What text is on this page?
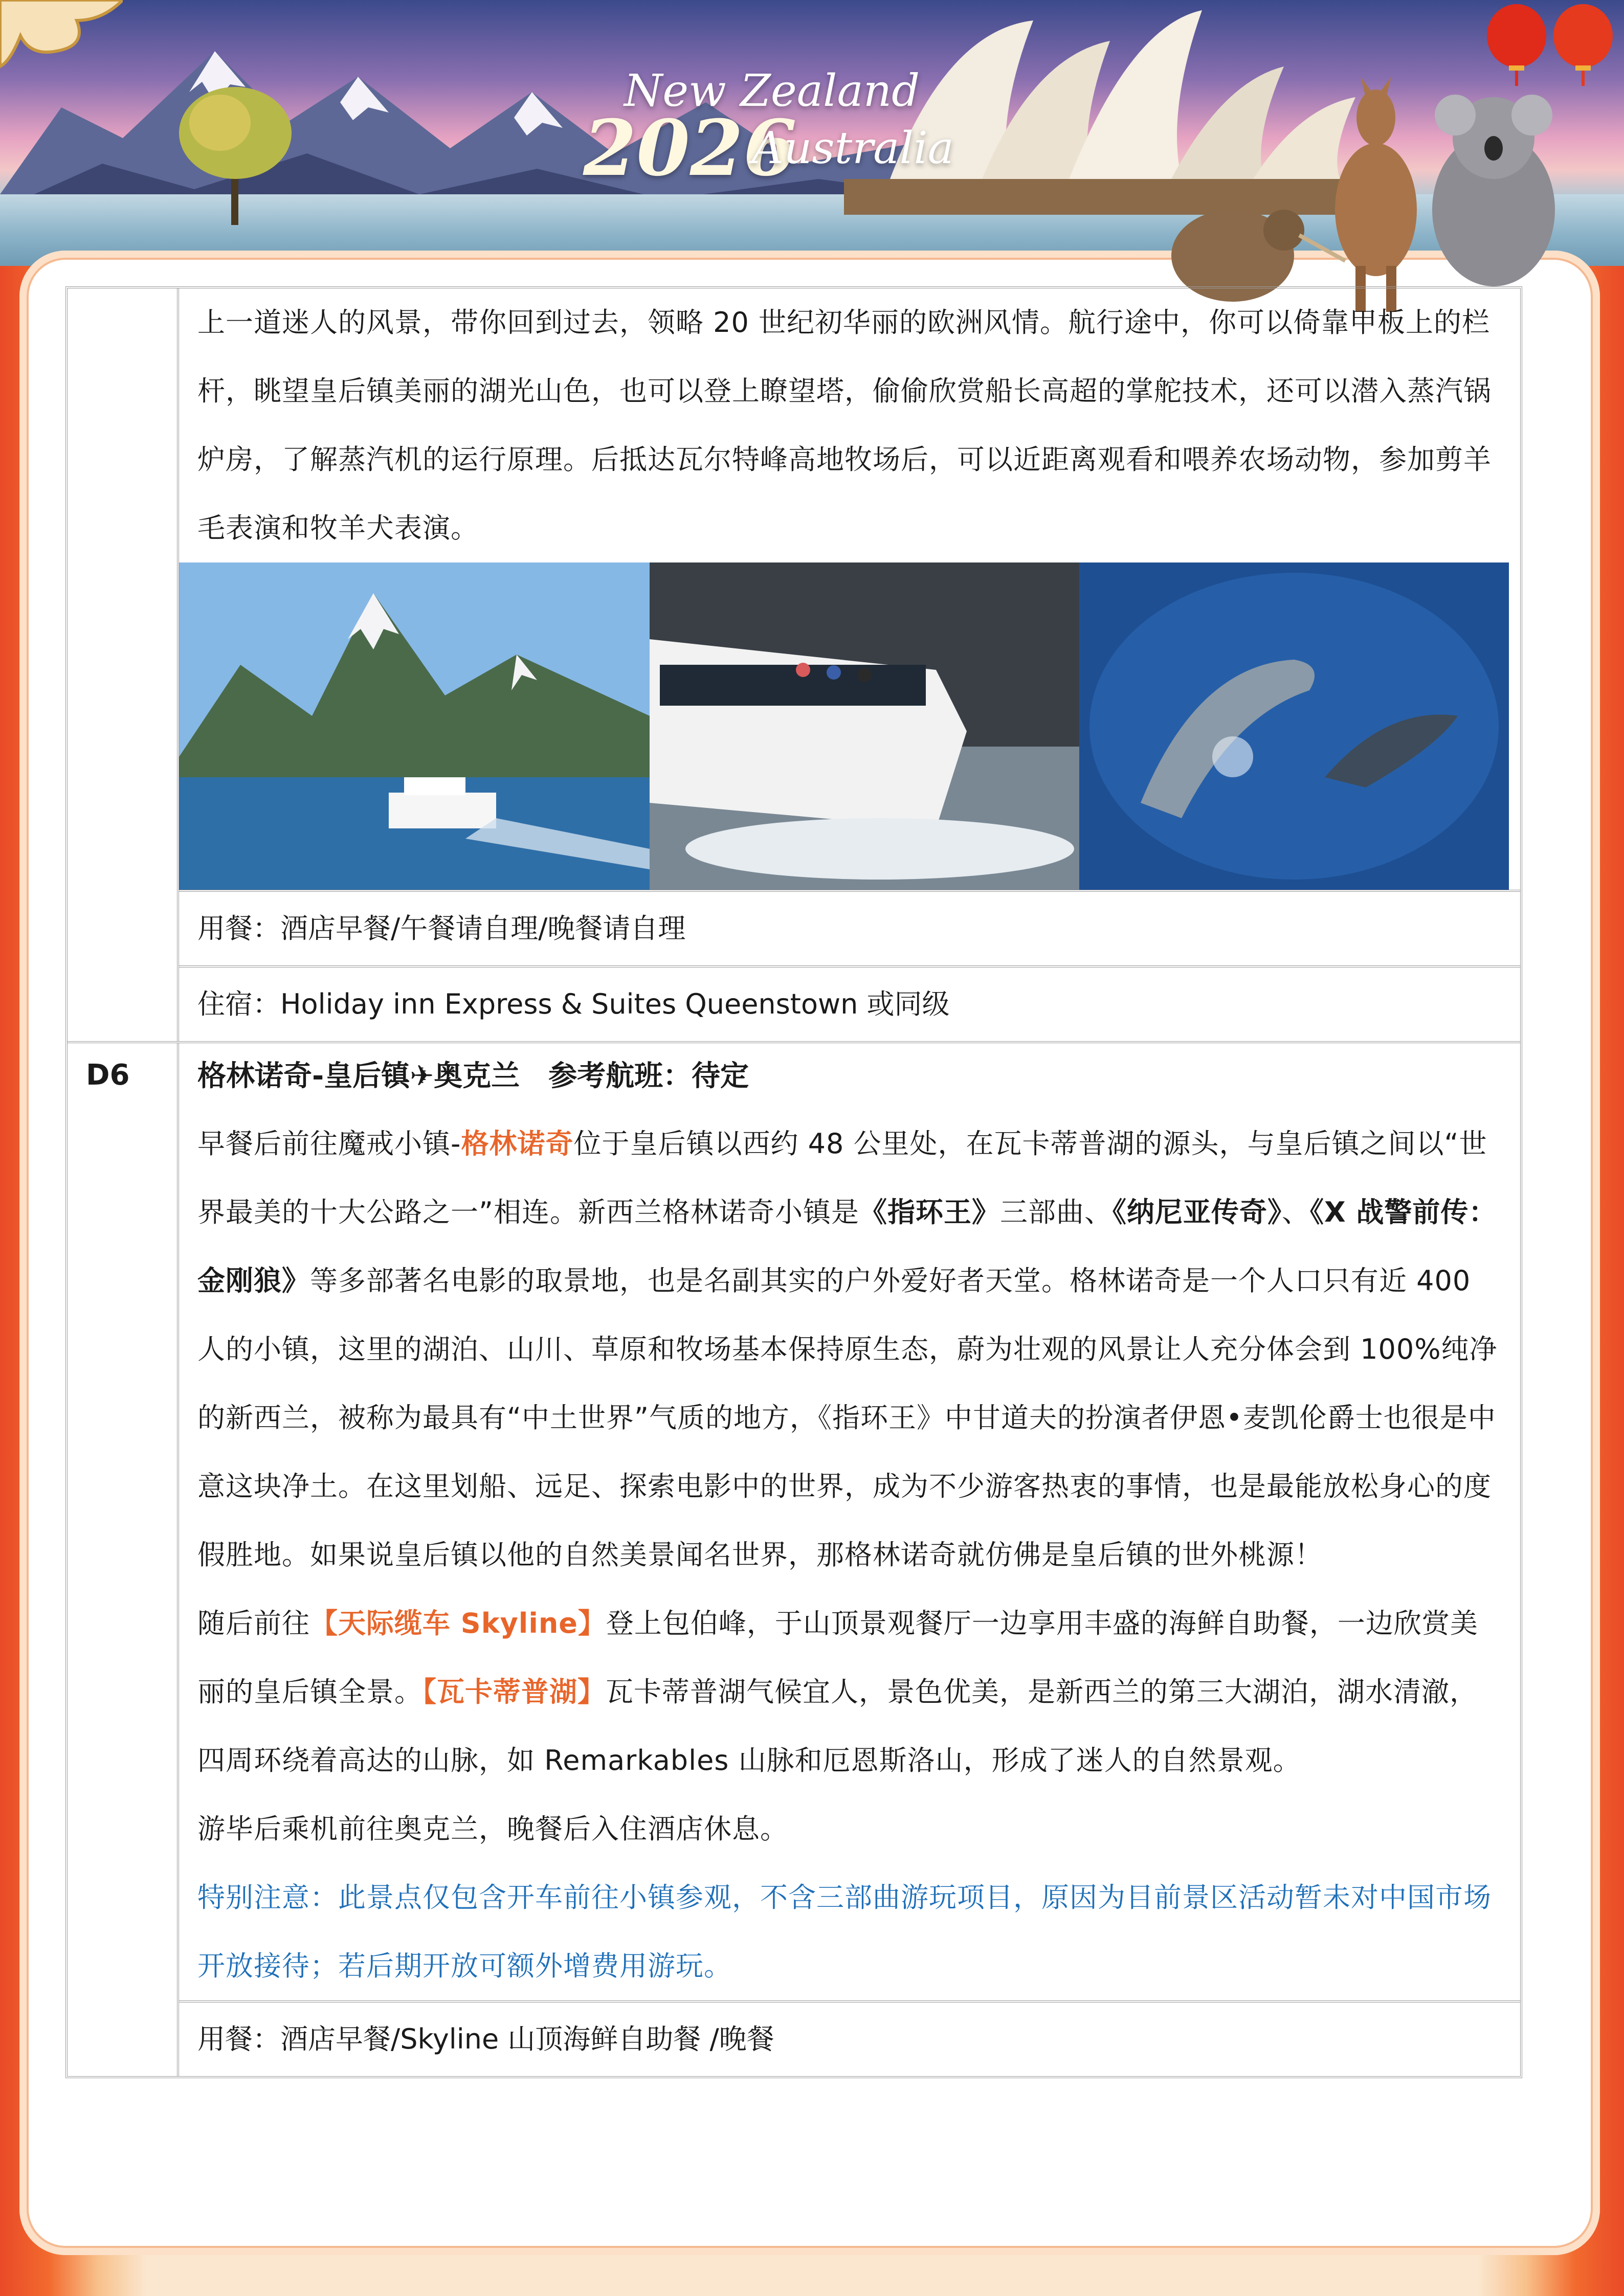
New Zealand
2026
Australia

上一道迷人的风景，带你回到过去，领略 20 世纪初华丽的欧洲风情。航行途中，你可以倚靠甲板上的栏杆，眺望皇后镇美丽的湖光山色，也可以登上瞭望塔，偷偷欣赏船长高超的掌舵技术，还可以潜入蒸汽锅炉房，了解蒸汽机的运行原理。后抵达瓦尔特峰高地牧场后，可以近距离观看和喂养农场动物，参加剪羊毛表演和牧羊犬表演。

用餐：酒店早餐/午餐请自理/晚餐请自理
住宿：Holiday inn Express & Suites Queenstown 或同级
D6	格林诺奇-皇后镇✈奥克兰　参考航班：待定

早餐后前往魔戒小镇-格林诺奇位于皇后镇以西约 48 公里处，在瓦卡蒂普湖的源头，与皇后镇之间以“世界最美的十大公路之一”相连。新西兰格林诺奇小镇是《指环王》三部曲、《纳尼亚传奇》、《X 战警前传：金刚狼》等多部著名电影的取景地，也是名副其实的户外爱好者天堂。格林诺奇是一个人口只有近 400 人的小镇，这里的湖泊、山川、草原和牧场基本保持原生态，蔚为壮观的风景让人充分体会到 100%纯净的新西兰，被称为最具有“中土世界”气质的地方，《指环王》中甘道夫的扮演者伊恩•麦凯伦爵士也很是中意这块净土。在这里划船、远足、探索电影中的世界，成为不少游客热衷的事情，也是最能放松身心的度假胜地。如果说皇后镇以他的自然美景闻名世界，那格林诺奇就仿佛是皇后镇的世外桃源！

随后前往【天际缆车 Skyline】登上包伯峰，于山顶景观餐厅一边享用丰盛的海鲜自助餐，一边欣赏美丽的皇后镇全景。【瓦卡蒂普湖】瓦卡蒂普湖气候宜人，景色优美，是新西兰的第三大湖泊，湖水清澈，四周环绕着高达的山脉，如 Remarkables 山脉和厄恩斯洛山，形成了迷人的自然景观。

游毕后乘机前往奥克兰，晚餐后入住酒店休息。

特别注意：此景点仅包含开车前往小镇参观，不含三部曲游玩项目，原因为目前景区活动暂未对中国市场开放接待；若后期开放可额外增费用游玩。

用餐：酒店早餐/Skyline 山顶海鲜自助餐 /晚餐
